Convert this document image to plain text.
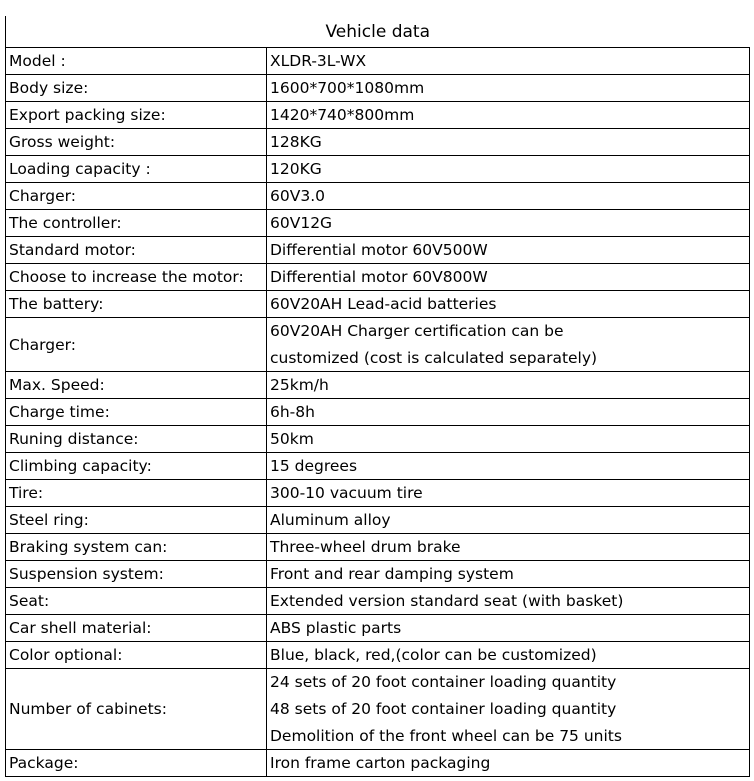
Vehicle data	
Model :	XLDR-3L-WX

Body size:	1600*700*1080mm

Export packing size:	1420*740*800mm

Gross weight:	128KG

Loading capacity :	120KG

Charger:	60V3.0

The controller:	60V12G

Standard motor:	Differential motor 60V500W

Choose to increase the motor:	Differential motor 60V800W

The battery:	60V20AH Lead-acid batteries

Charger:	60V20AH Charger certification can be
customized (cost is calculated separately)

Max. Speed:	25km/h

Charge time:	6h-8h

Runing distance:	50km

Climbing capacity:	15 degrees

Tire:	300-10 vacuum tire

Steel ring:	Aluminum alloy

Braking system can:	Three-wheel drum brake

Suspension system:	Front and rear damping system

Seat:	Extended version standard seat (with basket)

Car shell material:	ABS plastic parts

Color optional:	Blue, black, red,(color can be customized)

Number of cabinets:	24 sets of 20 foot container loading quantity
48 sets of 20 foot container loading quantity
Demolition of the front wheel can be 75 units

Package:	Iron frame carton packaging
